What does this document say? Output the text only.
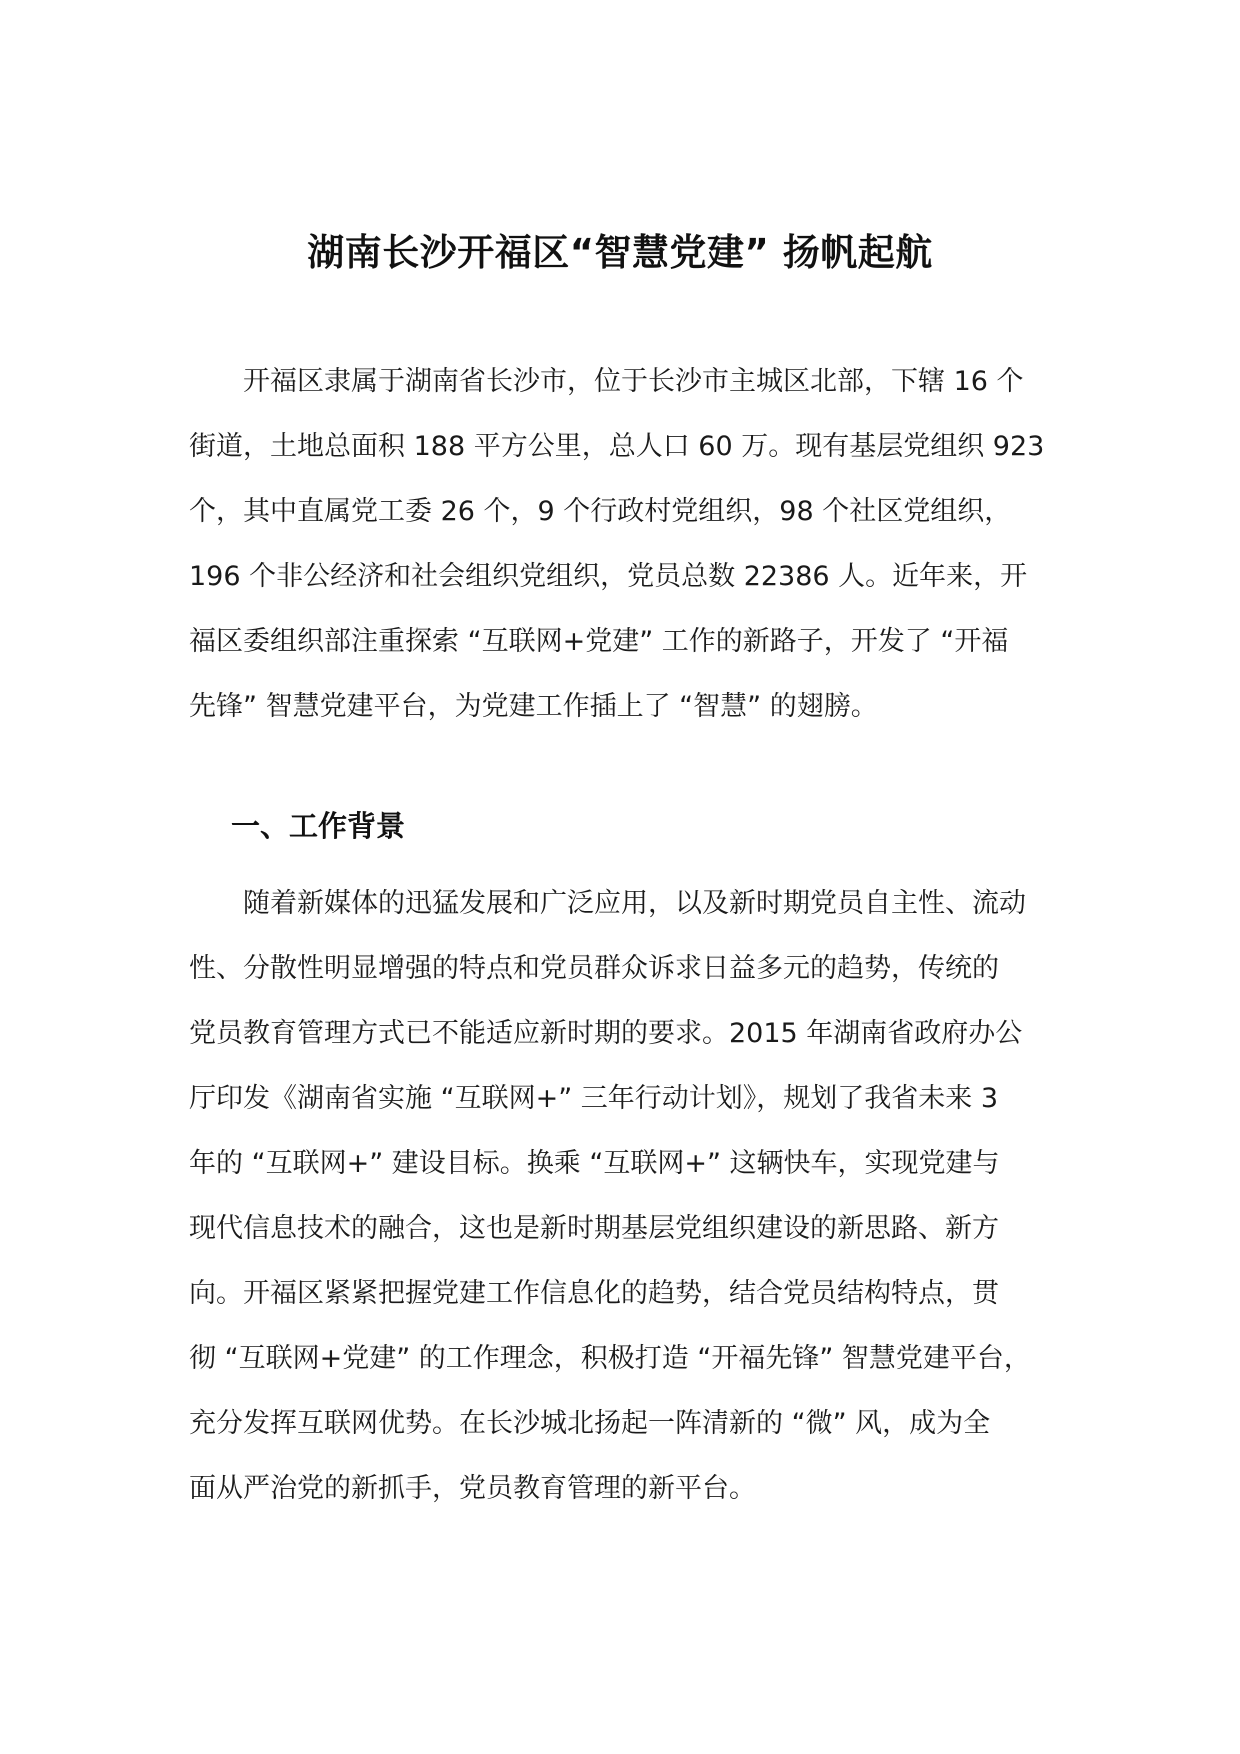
湖南长沙开福区“智慧党建” 扬帆起航

　　开福区隶属于湖南省长沙市，位于长沙市主城区北部，下辖 16 个
街道，土地总面积 188 平方公里，总人口 60 万。现有基层党组织 923
个，其中直属党工委 26 个，9 个行政村党组织，98 个社区党组织，
196 个非公经济和社会组织党组织，党员总数 22386 人。近年来，开
福区委组织部注重探索 “互联网+党建” 工作的新路子，开发了 “开福
先锋” 智慧党建平台，为党建工作插上了 “智慧” 的翅膀。

一、工作背景

　　随着新媒体的迅猛发展和广泛应用，以及新时期党员自主性、流动
性、分散性明显增强的特点和党员群众诉求日益多元的趋势，传统的
党员教育管理方式已不能适应新时期的要求。2015 年湖南省政府办公
厅印发《湖南省实施 “互联网+” 三年行动计划》，规划了我省未来 3
年的 “互联网+” 建设目标。换乘 “互联网+” 这辆快车，实现党建与
现代信息技术的融合，这也是新时期基层党组织建设的新思路、新方
向。开福区紧紧把握党建工作信息化的趋势，结合党员结构特点，贯
彻 “互联网+党建” 的工作理念，积极打造 “开福先锋” 智慧党建平台，
充分发挥互联网优势。在长沙城北扬起一阵清新的 “微” 风，成为全
面从严治党的新抓手，党员教育管理的新平台。
